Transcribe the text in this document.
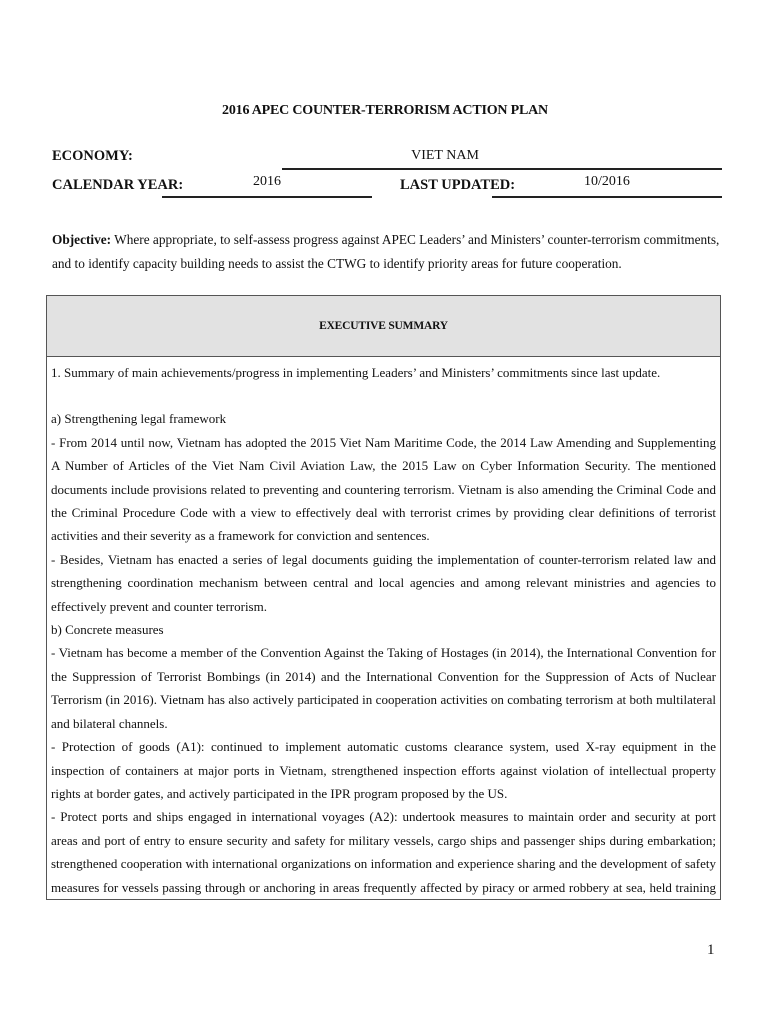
2016 APEC COUNTER-TERRORISM ACTION PLAN
ECONOMY:	VIET NAM
CALENDAR YEAR:	2016	LAST UPDATED:	10/2016
Objective: Where appropriate, to self-assess progress against APEC Leaders’ and Ministers’ counter-terrorism commitments, and to identify capacity building needs to assist the CTWG to identify priority areas for future cooperation.
EXECUTIVE SUMMARY

1. Summary of main achievements/progress in implementing Leaders’ and Ministers’ commitments since last update.

a) Strengthening legal framework

- From 2014 until now, Vietnam has adopted the 2015 Viet Nam Maritime Code, the 2014 Law Amending and Supplementing A Number of Articles of the Viet Nam Civil Aviation Law, the 2015 Law on Cyber Information Security. The mentioned documents include provisions related to preventing and countering terrorism. Vietnam is also amending the Criminal Code and the Criminal Procedure Code with a view to effectively deal with terrorist crimes by providing clear definitions of terrorist activities and their severity as a framework for conviction and sentences.

- Besides, Vietnam has enacted a series of legal documents guiding the implementation of counter-terrorism related law and strengthening coordination mechanism between central and local agencies and among relevant ministries and agencies to effectively prevent and counter terrorism.

b) Concrete measures

- Vietnam has become a member of the Convention Against the Taking of Hostages (in 2014), the International Convention for the Suppression of Terrorist Bombings (in 2014) and the International Convention for the Suppression of Acts of Nuclear Terrorism (in 2016). Vietnam has also actively participated in cooperation activities on combating terrorism at both multilateral and bilateral channels.

- Protection of goods (A1): continued to implement automatic customs clearance system, used X-ray equipment in the inspection of containers at major ports in Vietnam, strengthened inspection efforts against violation of intellectual property rights at border gates, and actively participated in the IPR program proposed by the US.

- Protect ports and ships engaged in international voyages (A2): undertook measures to maintain order and security at port areas and port of entry to ensure security and safety for military vessels, cargo ships and passenger ships during embarkation; strengthened cooperation with international organizations on information and experience sharing and the development of safety measures for vessels passing through or anchoring in areas frequently affected by piracy or armed robbery at sea, held training

1
